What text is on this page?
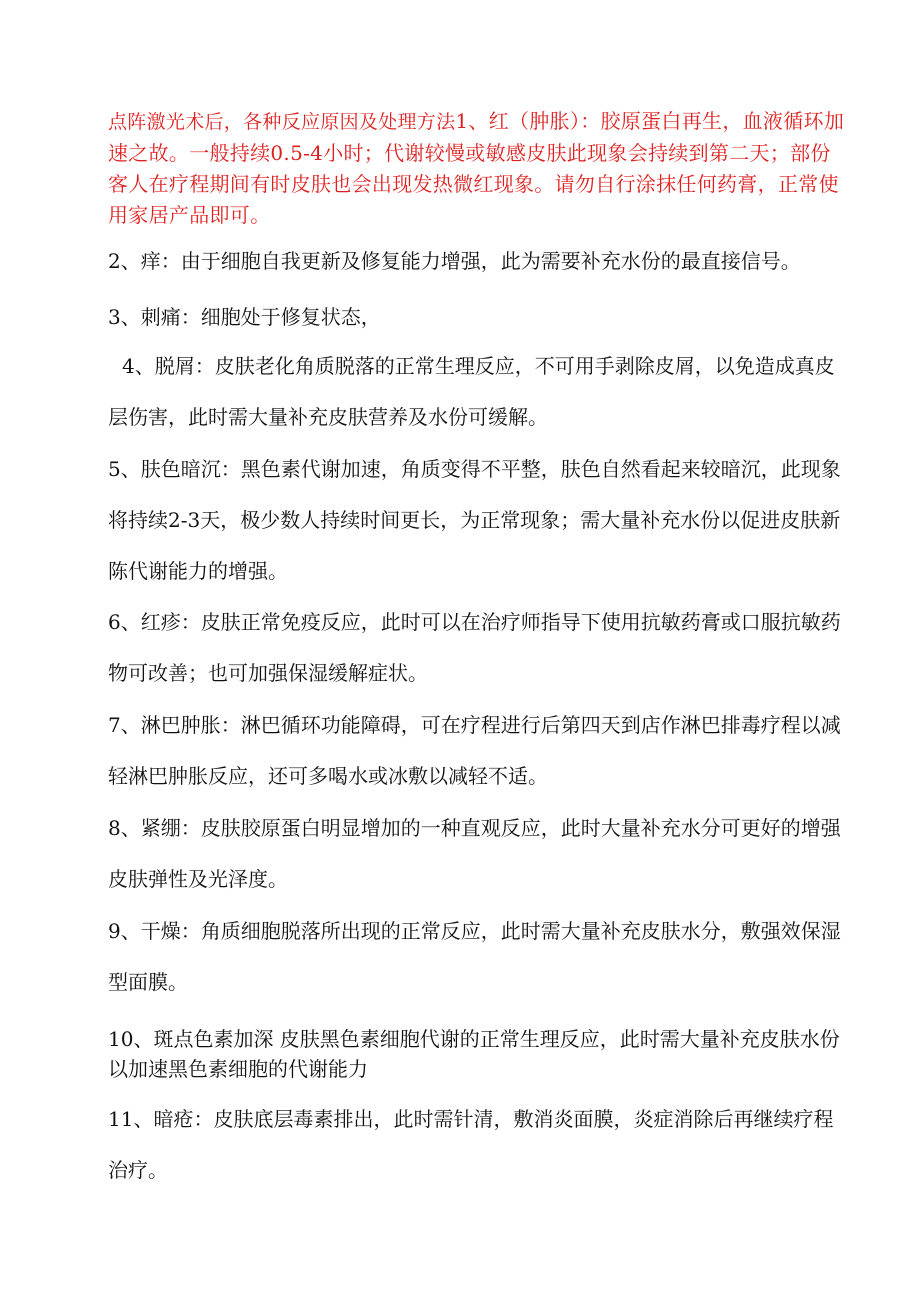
点阵激光术后，各种反应原因及处理方法1、红（肿胀）：胶原蛋白再生，血液循环加速之故。一般持续0.5-4小时；代谢较慢或敏感皮肤此现象会持续到第二天；部份客人在疗程期间有时皮肤也会出现发热微红现象。请勿自行涂抹任何药膏，正常使用家居产品即可。

2、痒：由于细胞自我更新及修复能力增强，此为需要补充水份的最直接信号。

3、刺痛：细胞处于修复状态，

4、脱屑：皮肤老化角质脱落的正常生理反应，不可用手剥除皮屑，以免造成真皮层伤害，此时需大量补充皮肤营养及水份可缓解。

5、肤色暗沉：黑色素代谢加速，角质变得不平整，肤色自然看起来较暗沉，此现象将持续2-3天，极少数人持续时间更长，为正常现象；需大量补充水份以促进皮肤新陈代谢能力的增强。

6、红疹：皮肤正常免疫反应，此时可以在治疗师指导下使用抗敏药膏或口服抗敏药物可改善；也可加强保湿缓解症状。

7、淋巴肿胀：淋巴循环功能障碍，可在疗程进行后第四天到店作淋巴排毒疗程以减轻淋巴肿胀反应，还可多喝水或冰敷以减轻不适。

8、紧绷：皮肤胶原蛋白明显增加的一种直观反应，此时大量补充水分可更好的增强皮肤弹性及光泽度。

9、干燥：角质细胞脱落所出现的正常反应，此时需大量补充皮肤水分，敷强效保湿型面膜。

10、斑点色素加深 皮肤黑色素细胞代谢的正常生理反应，此时需大量补充皮肤水份以加速黑色素细胞的代谢能力

11、暗疮：皮肤底层毒素排出，此时需针清，敷消炎面膜，炎症消除后再继续疗程治疗。
